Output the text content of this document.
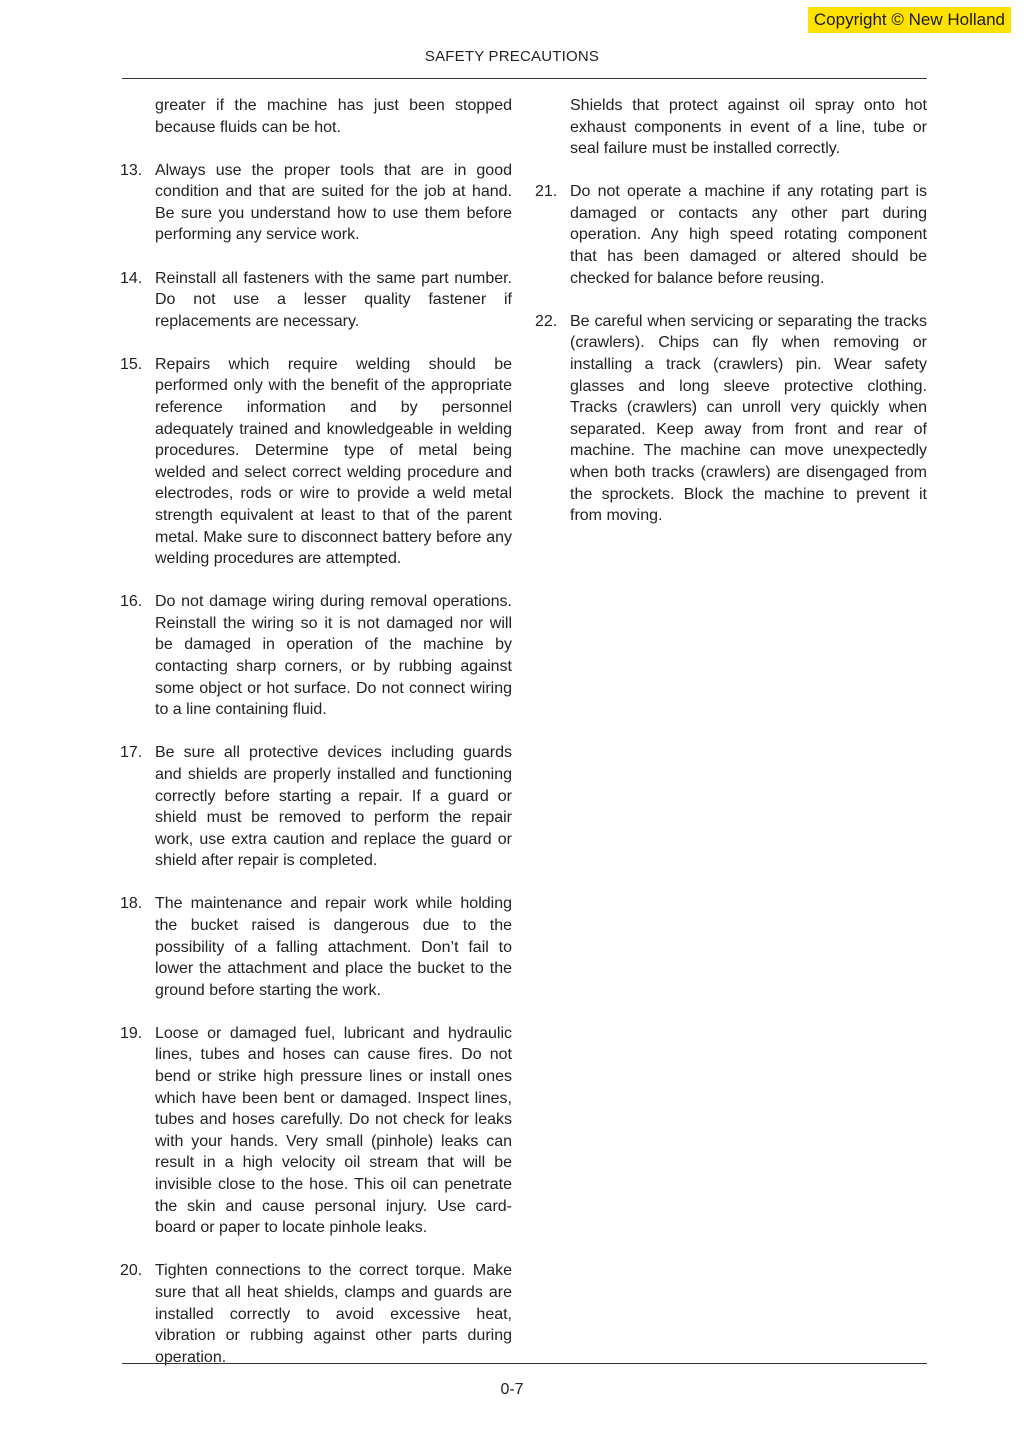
Copyright © New Holland
SAFETY PRECAUTIONS
greater if the machine has just been stopped because fluids can be hot.
13. Always use the proper tools that are in good condition and that are suited for the job at hand. Be sure you understand how to use them before performing any service work.
14. Reinstall all fasteners with the same part number. Do not use a lesser quality fastener if replacements are necessary.
15. Repairs which require welding should be performed only with the benefit of the appropriate reference information and by personnel adequately trained and knowledgeable in welding procedures. Determine type of metal being welded and select correct welding procedure and electrodes, rods or wire to provide a weld metal strength equivalent at least to that of the parent metal. Make sure to disconnect battery before any welding procedures are attempted.
16. Do not damage wiring during removal operations. Reinstall the wiring so it is not damaged nor will be damaged in operation of the machine by contacting sharp corners, or by rubbing against some object or hot surface. Do not connect wiring to a line containing fluid.
17. Be sure all protective devices including guards and shields are properly installed and functioning correctly before starting a repair. If a guard or shield must be removed to perform the repair work, use extra caution and replace the guard or shield after repair is completed.
18. The maintenance and repair work while holding the bucket raised is dangerous due to the possibility of a falling attachment. Don’t fail to lower the attachment and place the bucket to the ground before starting the work.
19. Loose or damaged fuel, lubricant and hydraulic lines, tubes and hoses can cause fires. Do not bend or strike high pressure lines or install ones which have been bent or damaged. Inspect lines, tubes and hoses carefully. Do not check for leaks with your hands. Very small (pinhole) leaks can result in a high velocity oil stream that will be invisible close to the hose. This oil can penetrate the skin and cause personal injury. Use card-board or paper to locate pinhole leaks.
20. Tighten connections to the correct torque. Make sure that all heat shields, clamps and guards are installed correctly to avoid excessive heat, vibration or rubbing against other parts during operation.
Shields that protect against oil spray onto hot exhaust components in event of a line, tube or seal failure must be installed correctly.
21. Do not operate a machine if any rotating part is damaged or contacts any other part during operation. Any high speed rotating component that has been damaged or altered should be checked for balance before reusing.
22. Be careful when servicing or separating the tracks (crawlers). Chips can fly when removing or installing a track (crawlers) pin. Wear safety glasses and long sleeve protective clothing. Tracks (crawlers) can unroll very quickly when separated. Keep away from front and rear of machine. The machine can move unexpectedly when both tracks (crawlers) are disengaged from the sprockets. Block the machine to prevent it from moving.
0-7
